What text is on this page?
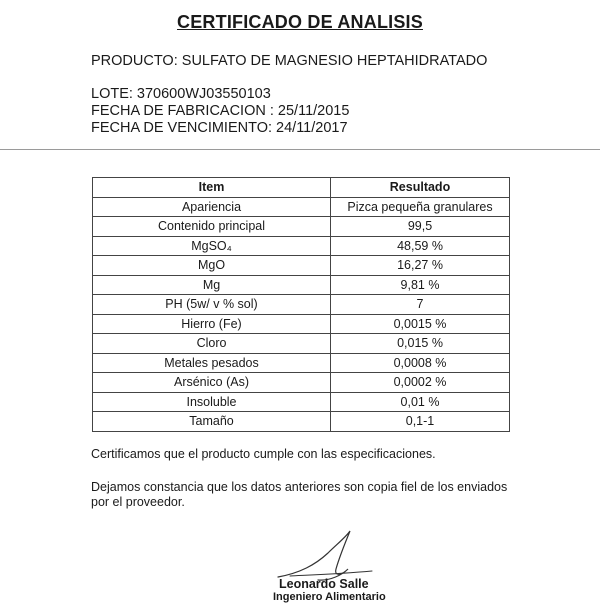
CERTIFICADO DE ANALISIS
PRODUCTO: SULFATO DE MAGNESIO HEPTAHIDRATADO
LOTE: 370600WJ03550103
FECHA DE FABRICACION : 25/11/2015
FECHA DE VENCIMIENTO: 24/11/2017
Item	Resultado
Apariencia	Pizca pequeña granulares
Contenido principal	99,5
MgSO₄	48,59 %
MgO	16,27 %
Mg	9,81 %
PH (5w/ v % sol)	7
Hierro (Fe)	0,0015 %
Cloro	0,015 %
Metales pesados	0,0008 %
Arsénico (As)	0,0002 %
Insoluble	0,01 %
Tamaño	0,1-1
Certificamos que el producto cumple con las especificaciones.
Dejamos constancia que los datos anteriores son copia fiel de los enviados por el proveedor.
Leonardo Salle
Ingeniero Alimentario
